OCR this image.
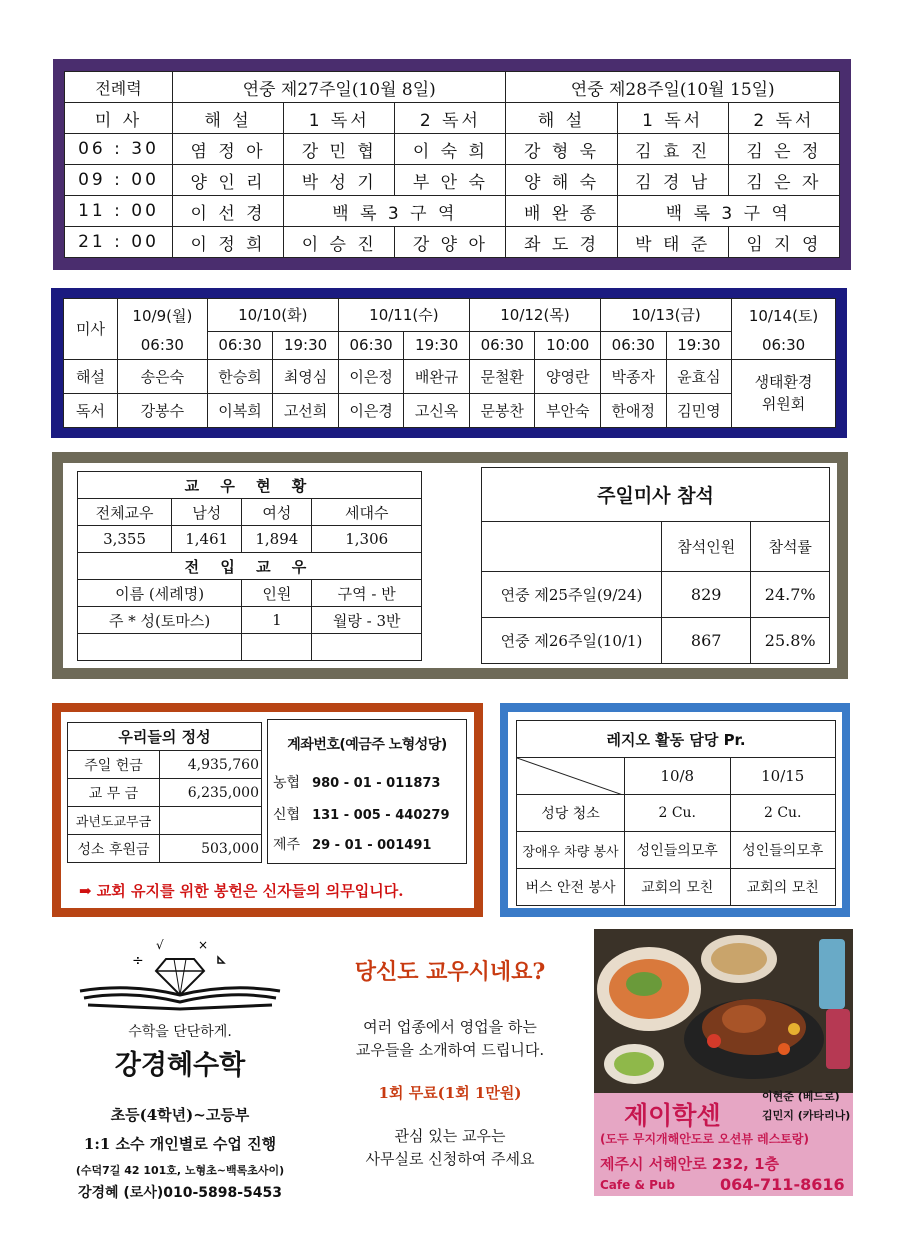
전례력	연중 제27주일(10월 8일)			연중 제28주일(10월 15일)		
미 사	해 설	1 독서	2 독서	해 설	1 독서	2 독서
06 : 30	염 정 아	강 민 협	이 숙 희	강 형 욱	김 효 진	김 은 정
09 : 00	양 인 리	박 성 기	부 안 숙	양 해 숙	김 경 남	김 은 자
11 : 00	이 선 경	백 록 3 구 역		배 완 종	백 록 3 구 역	
21 : 00	이 정 희	이 승 진	강 양 아	좌 도 경	박 태 준	임 지 영
미사	10/9(월)	10/10(화)		10/11(수)		10/12(목)		10/13(금)		10/14(토)
	06:30	06:30	19:30	06:30	19:30	06:30	10:00	06:30	19:30	06:30
해설	송은숙	한승희	최영심	이은정	배완규	문철환	양영란	박종자	윤효심	생태환경
위원회
독서	강봉수	이복희	고선희	이은경	고신옥	문봉찬	부안숙	한애정	김민영	
교 우 현 황			
전체교우	남성	여성	세대수
3,355	1,461	1,894	1,306
전 입 교 우			
이름 (세례명)		인원	구역 - 반
주 * 성(토마스)		1	월랑 - 3반

주일미사 참석		
	참석인원	참석률
연중 제25주일(9/24)	829	24.7%
연중 제26주일(10/1)	867	25.8%
우리들의 정성	
주일 헌금	4,935,760
교 무 금	6,235,000
과년도교무금	
성소 후원금	503,000
계좌번호(예금주 노형성당)
농협 980 - 01 - 011873
신협 131 - 005 - 440279
제주 29 - 01 - 001491
➡ 교회 유지를 위한 봉헌은 신자들의 의무입니다.
레지오 활동 담당 Pr.		

	10/8	10/15
성당 청소	2 Cu.	2 Cu.
장애우 차량 봉사	성인들의모후	성인들의모후
버스 안전 봉사	교회의 모친	교회의 모친
÷
√	×
수학을 단단하게.
강경혜수학
초등(4학년)~고등부
1:1 소수 개인별로 수업 진행
(수덕7길 42 101호, 노형초~백록초사이)
강경혜 (로사)010-5898-5453
당신도 교우시네요?
여러 업종에서 영업을 하는
교우들을 소개하여 드립니다.
1회 무료(1회 1만원)
관심 있는 교우는
사무실로 신청하여 주세요
이현준 (베드로)
김민지 (카타리나)
제이학센
(도두 무지개해안도로 오션뷰 레스토랑)
제주시 서해안로 232, 1층
Cafe & Pub	064-711-8616
